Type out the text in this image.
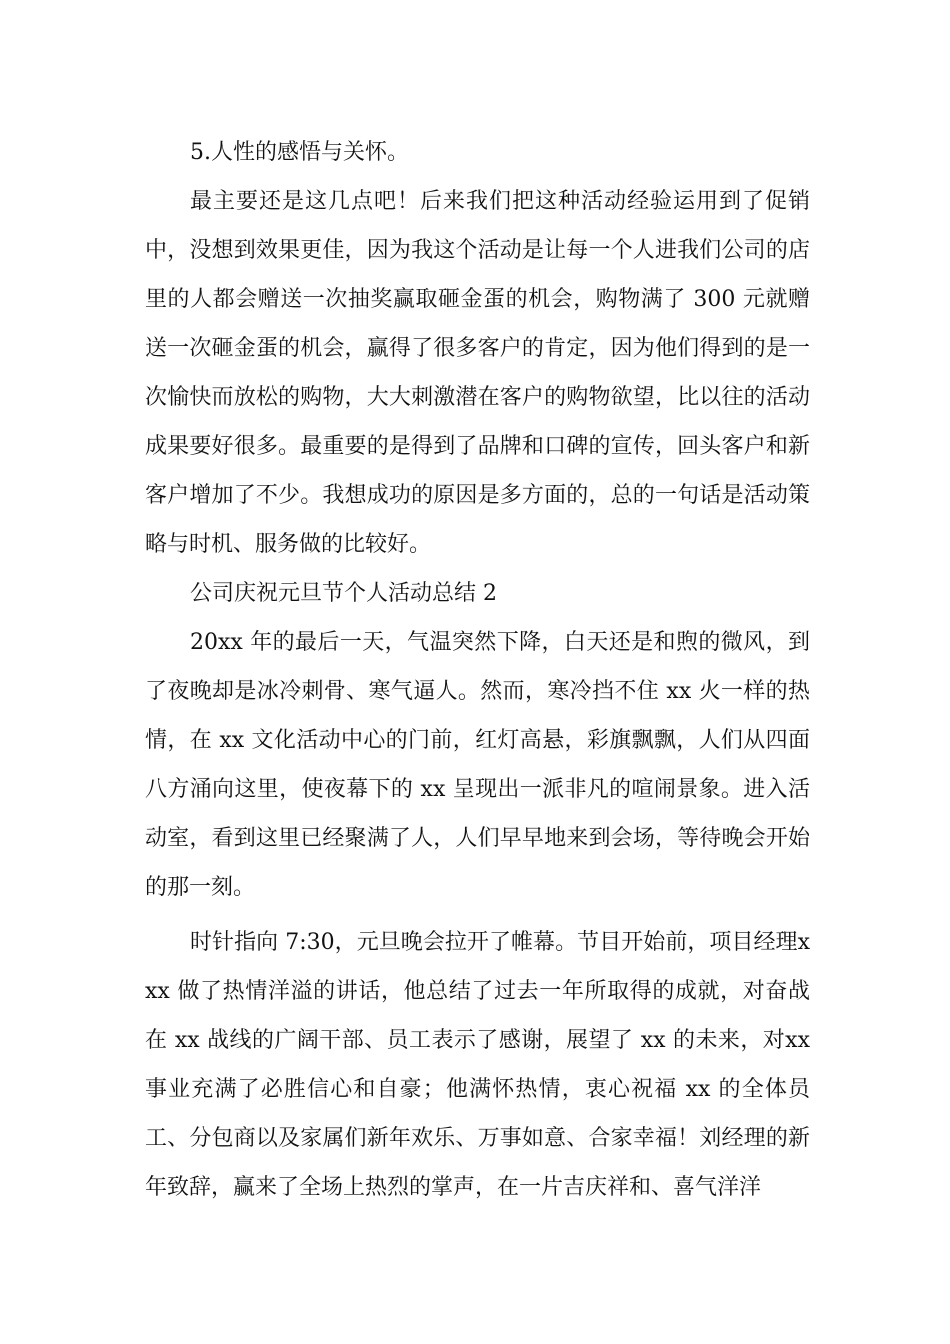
5.人性的感悟与关怀。

最主要还是这几点吧！后来我们把这种活动经验运用到了促销中，没想到效果更佳，因为我这个活动是让每一个人进我们公司的店里的人都会赠送一次抽奖赢取砸金蛋的机会，购物满了 300 元就赠送一次砸金蛋的机会，赢得了很多客户的肯定，因为他们得到的是一次愉快而放松的购物，大大刺激潜在客户的购物欲望，比以往的活动成果要好很多。最重要的是得到了品牌和口碑的宣传，回头客户和新客户增加了不少。我想成功的原因是多方面的，总的一句话是活动策略与时机、服务做的比较好。

公司庆祝元旦节个人活动总结 2

20xx 年的最后一天，气温突然下降，白天还是和煦的微风，到了夜晚却是冰冷刺骨、寒气逼人。然而，寒冷挡不住 xx 火一样的热情，在 xx 文化活动中心的门前，红灯高悬，彩旗飘飘，人们从四面八方涌向这里，使夜幕下的 xx 呈现出一派非凡的喧闹景象。进入活动室，看到这里已经聚满了人，人们早早地来到会场，等待晚会开始的那一刻。

时针指向 7:30，元旦晚会拉开了帷幕。节目开始前，项目经理xxx 做了热情洋溢的讲话，他总结了过去一年所取得的成就，对奋战在 xx 战线的广阔干部、员工表示了感谢，展望了 xx 的未来，对xx 事业充满了必胜信心和自豪；他满怀热情，衷心祝福 xx 的全体员工、分包商以及家属们新年欢乐、万事如意、合家幸福！刘经理的新年致辞，赢来了全场上热烈的掌声，在一片吉庆祥和、喜气洋洋
